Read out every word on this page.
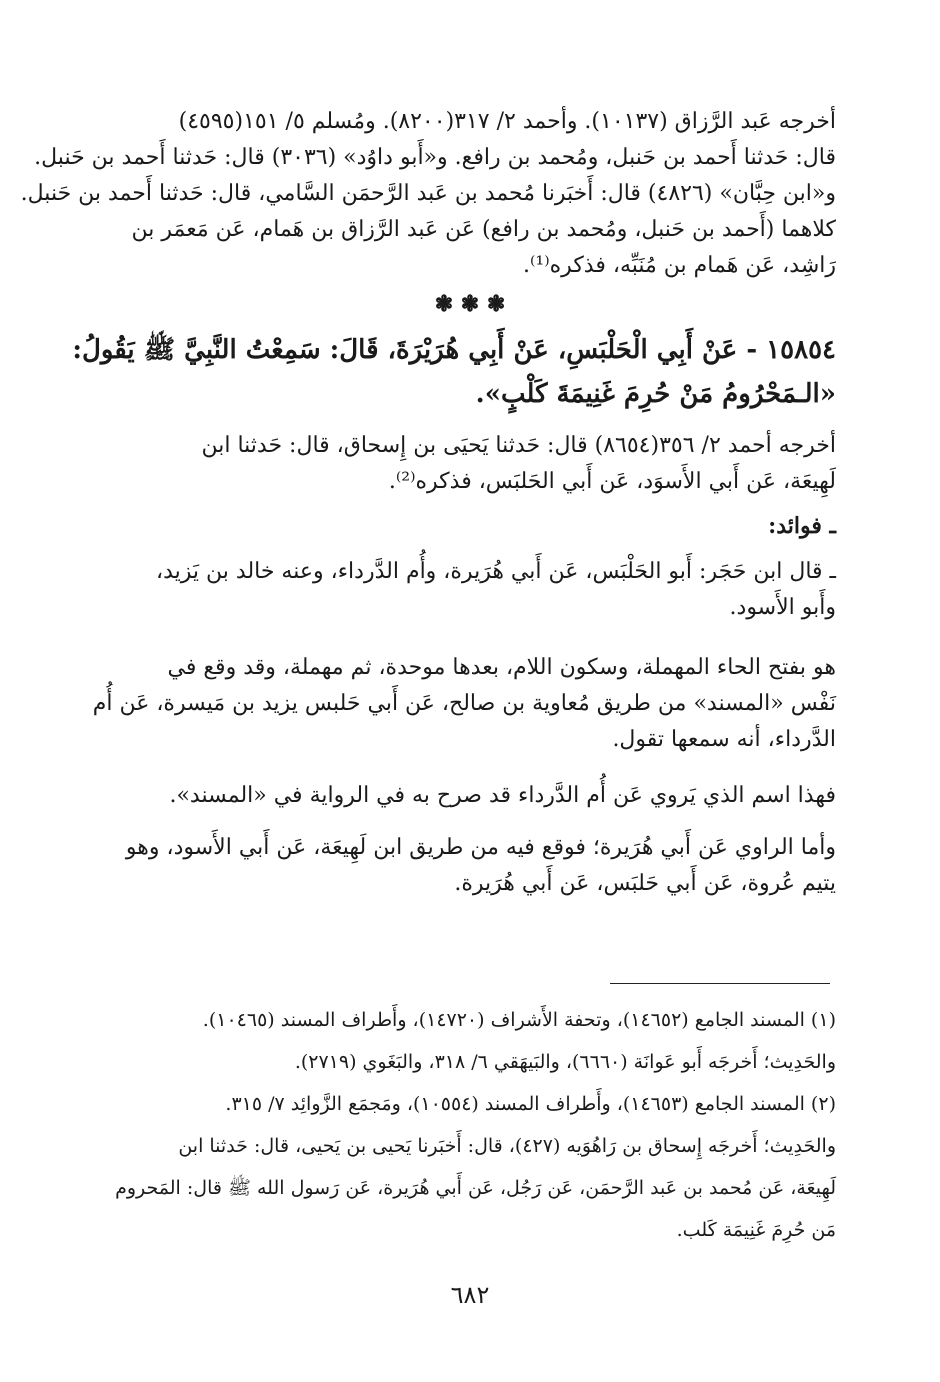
أخرجه عَبد الرَّزاق (١٠١٣٧). وأحمد ٢/ ٣١٧(٨٢٠٠). ومُسلم ٥/ ١٥١(٤٥٩٥)
قال: حَدثنا أَحمد بن حَنبل، ومُحمد بن رافع. و«أَبو داوُد» (٣٠٣٦) قال: حَدثنا أَحمد بن حَنبل.
و«ابن حِبَّان» (٤٨٢٦) قال: أَخبَرنا مُحمد بن عَبد الرَّحمَن السَّامي، قال: حَدثنا أَحمد بن حَنبل.
كلاهما (أَحمد بن حَنبل، ومُحمد بن رافع) عَن عَبد الرَّزاق بن هَمام، عَن مَعمَر بن
رَاشِد، عَن هَمام بن مُنَبِّه، فذكره⁽¹⁾.
❃ ❃ ❃
١٥٨٥٤ - عَنْ أَبِي الْحَلْبَسِ، عَنْ أَبِي هُرَيْرَةَ، قَالَ: سَمِعْتُ النَّبِيَّ ﷺ يَقُولُ:
«الـمَحْرُومُ مَنْ حُرِمَ غَنِيمَةَ كَلْبٍ».
أخرجه أحمد ٢/ ٣٥٦(٨٦٥٤) قال: حَدثنا يَحيَى بن إِسحاق، قال: حَدثنا ابن
لَهِيعَة، عَن أَبي الأَسوَد، عَن أَبي الحَلبَس، فذكره⁽²⁾.
ـ فوائد:
ـ قال ابن حَجَر: أَبو الحَلْبَس، عَن أَبي هُرَيرة، وأُم الدَّرداء، وعنه خالد بن يَزيد،
وأَبو الأَسود.
هو بفتح الحاء المهملة، وسكون اللام، بعدها موحدة، ثم مهملة، وقد وقع في
نَفْس «المسند» من طريق مُعاوية بن صالح، عَن أَبي حَلبس يزيد بن مَيسرة، عَن أُم
الدَّرداء، أنه سمعها تقول.
فهذا اسم الذي يَروي عَن أُم الدَّرداء قد صرح به في الرواية في «المسند».
وأما الراوي عَن أَبي هُرَيرة؛ فوقع فيه من طريق ابن لَهِيعَة، عَن أَبي الأَسود، وهو
يتيم عُروة، عَن أَبي حَلبَس، عَن أَبي هُرَيرة.
(١) المسند الجامع (١٤٦٥٢)، وتحفة الأَشراف (١٤٧٢٠)، وأَطراف المسند (١٠٤٦٥).
والحَدِيث؛ أَخرجَه أَبو عَوانَة (٦٦٦٠)، والبَيهَقي ٦/ ٣١٨، والبَغَوي (٢٧١٩).
(٢) المسند الجامع (١٤٦٥٣)، وأَطراف المسند (١٠٥٥٤)، ومَجمَع الزَّوائِد ٧/ ٣١٥.
والحَدِيث؛ أَخرجَه إِسحاق بن رَاهُوَيه (٤٢٧)، قال: أَخبَرنا يَحيى بن يَحيى، قال: حَدثنا ابن
لَهِيعَة، عَن مُحمد بن عَبد الرَّحمَن، عَن رَجُل، عَن أَبي هُرَيرة، عَن رَسول الله ﷺ قال: المَحروم
مَن حُرِمَ غَنِيمَة كَلب.
٦٨٢
